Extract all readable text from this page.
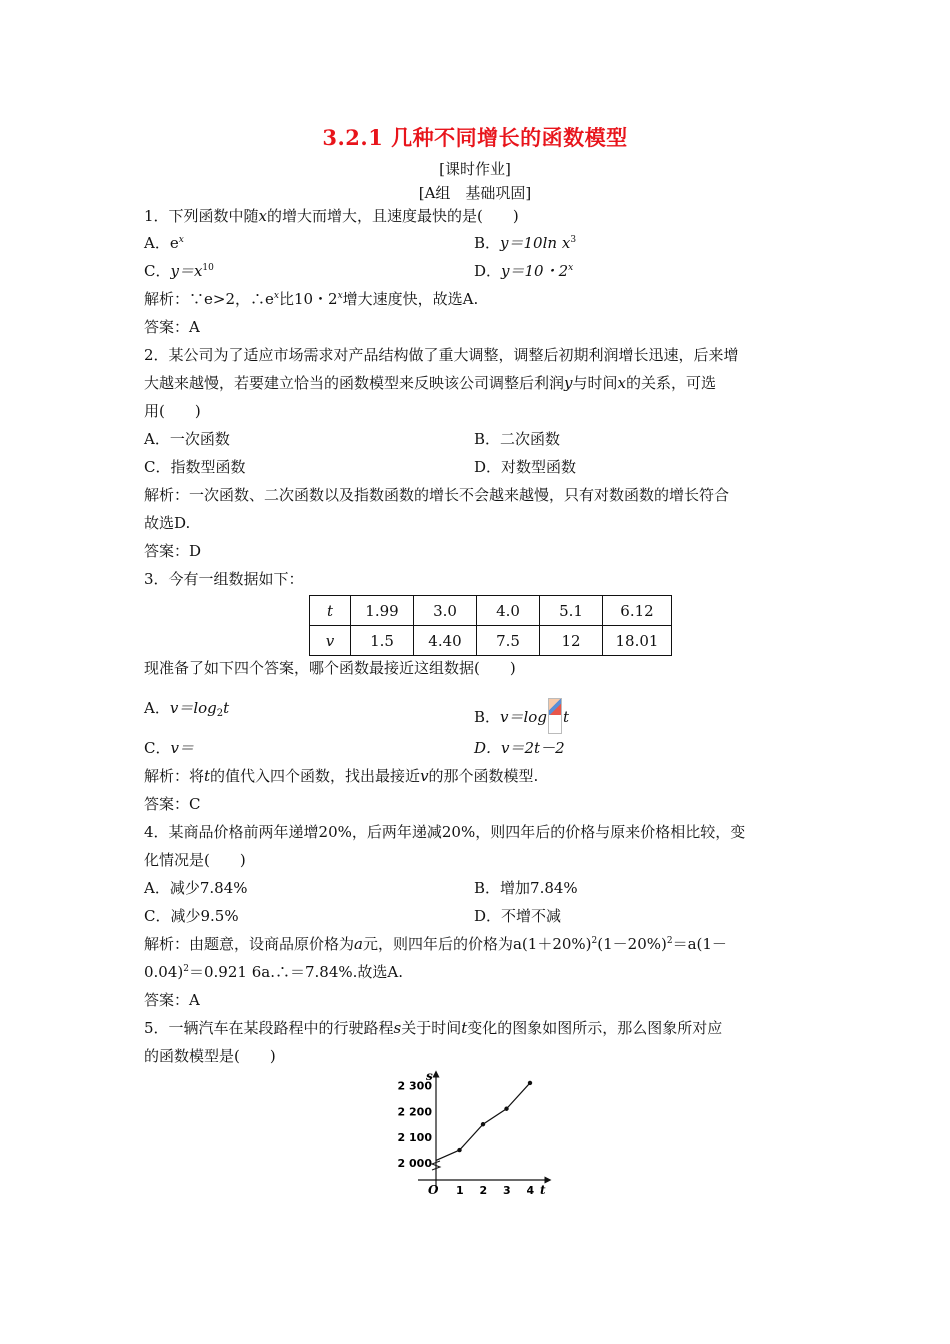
3.2.1 几种不同增长的函数模型
[课时作业]
[A组　基础巩固]
1．下列函数中随x的增大而增大，且速度最快的是(　　)
A．$e^x$	B．y＝10ln $x^3$
C．$y=x^{10}$	D．y＝10・2$^x$
解析：∵e>2，$\therefore e^x$比10・2$^x$增大速度快，故选A.
答案：A
2．某公司为了适应市场需求对产品结构做了重大调整，调整后初期利润增长迅速，后来增
大越来越慢，若要建立恰当的函数模型来反映该公司调整后利润y与时间x的关系，可选
用(　　)
A．一次函数	B．二次函数
C．指数型函数	D．对数型函数
解析：一次函数、二次函数以及指数函数的增长不会越来越慢，只有对数函数的增长符合
故选D.
答案：D
3．今有一组数据如下：
t	1.99	3.0	4.0	5.1	6.12
v	1.5	4.40	7.5	12	18.01
现准备了如下四个答案，哪个函数最接近这组数据(　　)
A．$v=\log_2t$	B．v＝log t
C．v＝	D．v＝2t－2
解析：将t的值代入四个函数，找出最接近v的那个函数模型.
答案：C
4．某商品价格前两年递增20%，后两年递减20%，则四年后的价格与原来价格相比较，变
化情况是(　　)
A．减少7.84%	B．增加7.84%
C．减少9.5%	D．不增不减
解析：由题意，设商品原价格为a元，则四年后的价格为$a(1+20\%)^2(1-20\%)^2=a(1-$
0.04)$^2$＝0.921 6a.∴＝7.84%.故选A.
答案：A
5．一辆汽车在某段路程中的行驶路程s关于时间t变化的图象如图所示，那么图象所对应
的函数模型是(　　)
O	t
s
1 2 3 4
2 000
2 100
2 200
2 300
